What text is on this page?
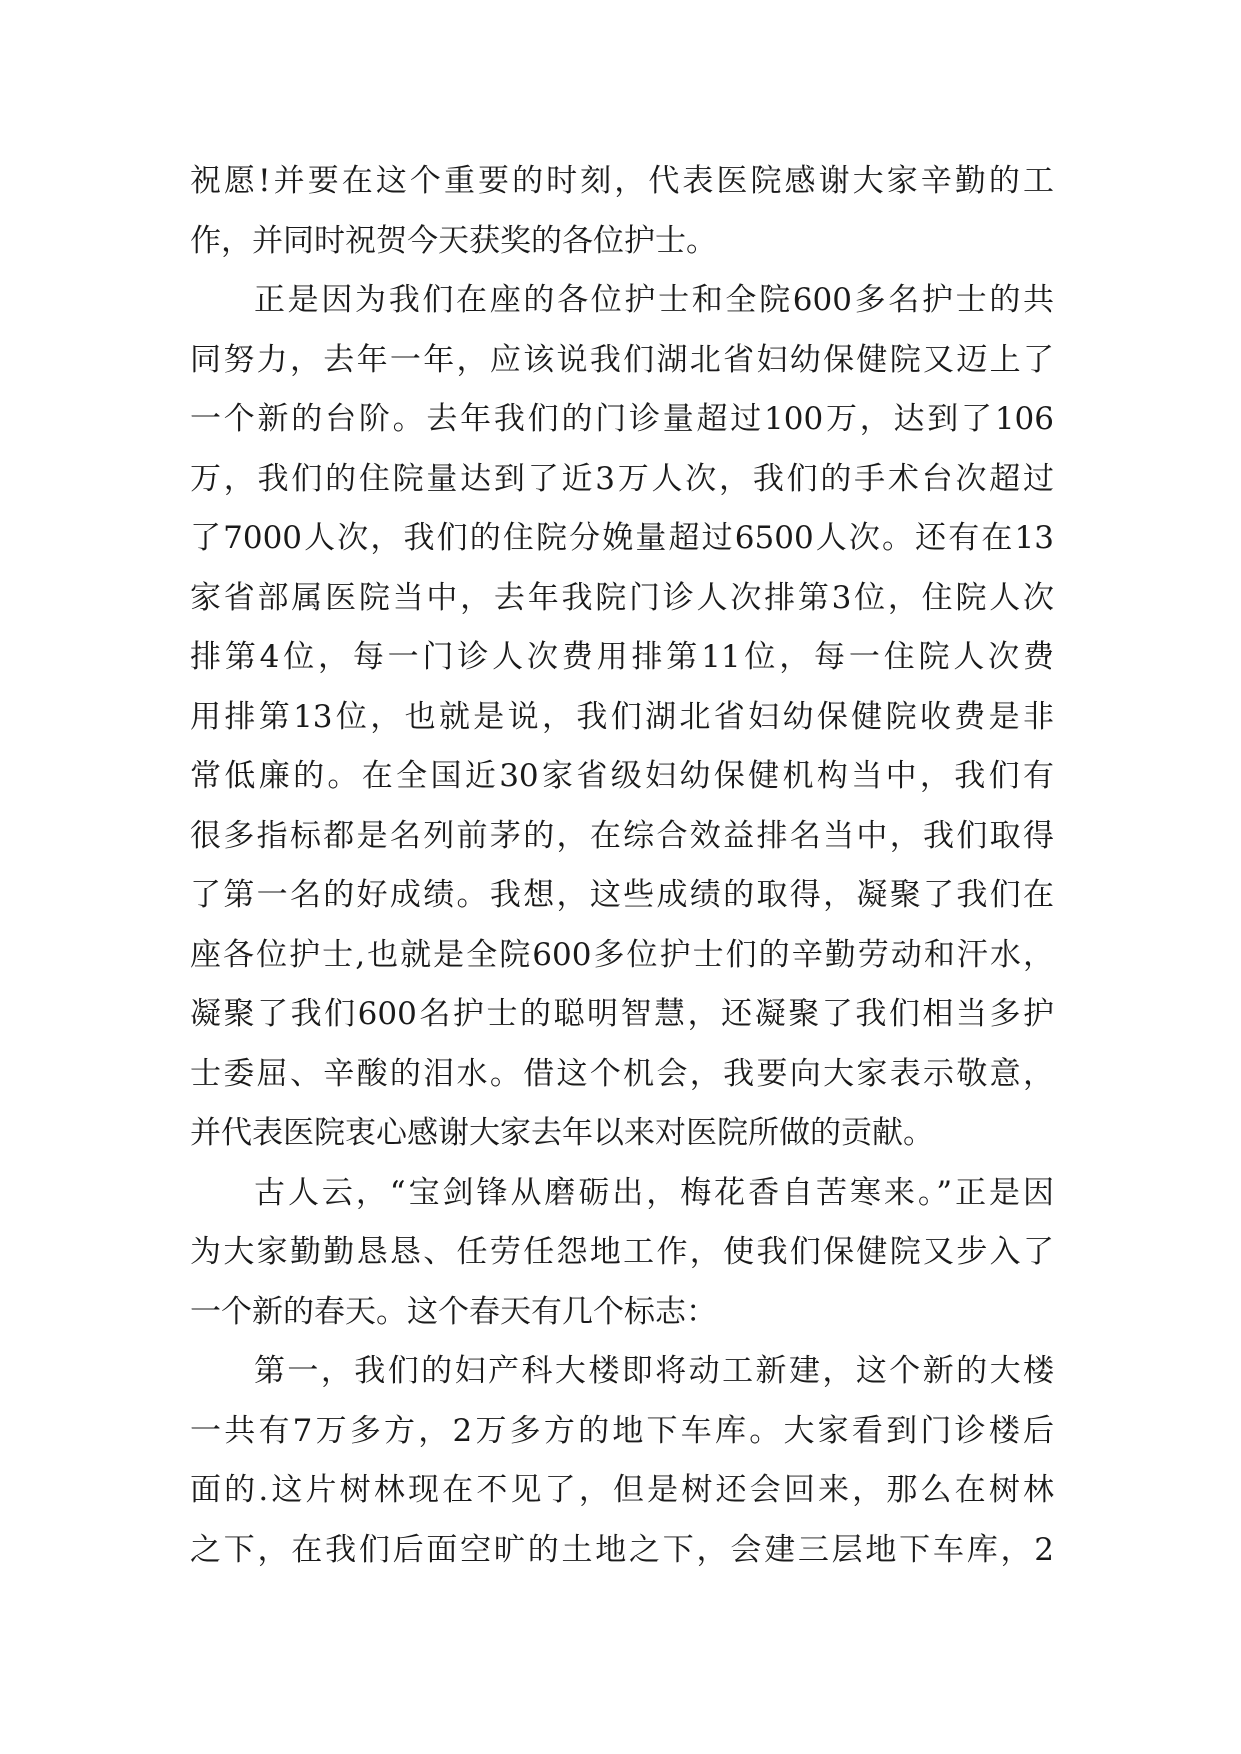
祝愿!并要在这个重要的时刻，代表医院感谢大家辛勤的工
作，并同时祝贺今天获奖的各位护士。
正是因为我们在座的各位护士和全院600多名护士的共
同努力，去年一年，应该说我们湖北省妇幼保健院又迈上了
一个新的台阶。去年我们的门诊量超过100万，达到了106
万，我们的住院量达到了近3万人次，我们的手术台次超过
了7000人次，我们的住院分娩量超过6500人次。还有在13
家省部属医院当中，去年我院门诊人次排第3位，住院人次
排第4位，每一门诊人次费用排第11位，每一住院人次费
用排第13位，也就是说，我们湖北省妇幼保健院收费是非
常低廉的。在全国近30家省级妇幼保健机构当中，我们有
很多指标都是名列前茅的，在综合效益排名当中，我们取得
了第一名的好成绩。我想，这些成绩的取得，凝聚了我们在
座各位护士,也就是全院600多位护士们的辛勤劳动和汗水，
凝聚了我们600名护士的聪明智慧，还凝聚了我们相当多护
士委屈、辛酸的泪水。借这个机会，我要向大家表示敬意，
并代表医院衷心感谢大家去年以来对医院所做的贡献。
古人云，“宝剑锋从磨砺出，梅花香自苦寒来。”正是因
为大家勤勤恳恳、任劳任怨地工作，使我们保健院又步入了
一个新的春天。这个春天有几个标志：
第一，我们的妇产科大楼即将动工新建，这个新的大楼
一共有7万多方，2万多方的地下车库。大家看到门诊楼后
面的.这片树林现在不见了，但是树还会回来，那么在树林
之下，在我们后面空旷的土地之下，会建三层地下车库，2
